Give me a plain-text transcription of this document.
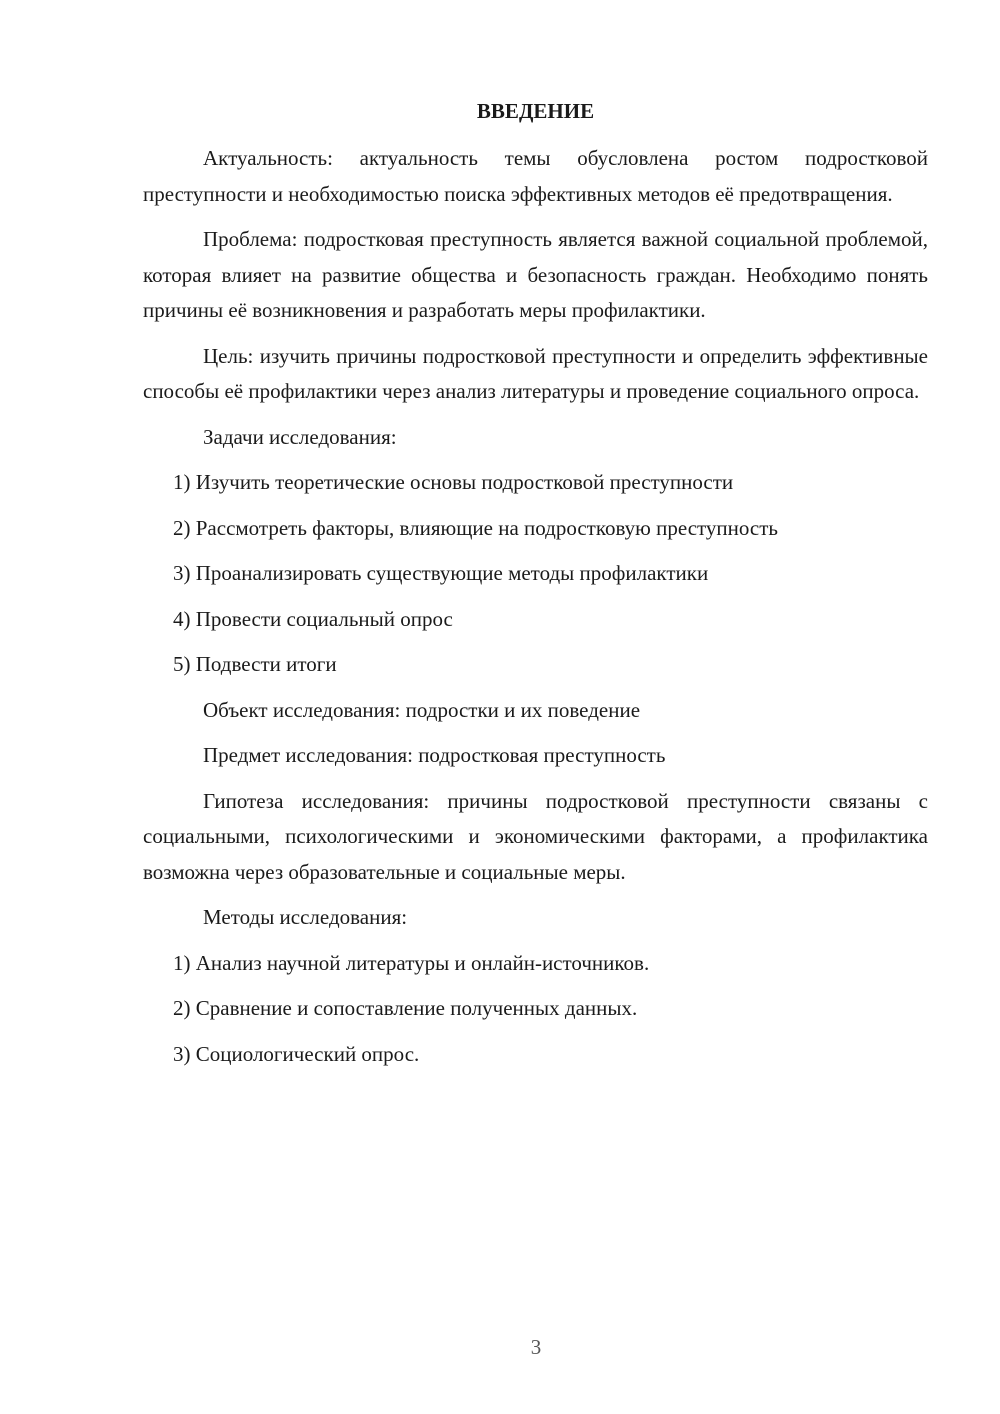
ВВЕДЕНИЕ

Актуальность: актуальность темы обусловлена ростом подростковой преступности и необходимостью поиска эффективных методов её предотвращения.

Проблема: подростковая преступность является важной социальной проблемой, которая влияет на развитие общества и безопасность граждан. Необходимо понять причины её возникновения и разработать меры профилактики.

Цель: изучить причины подростковой преступности и определить эффективные способы её профилактики через анализ литературы и проведение социального опроса.

Задачи исследования:

1) Изучить теоретические основы подростковой преступности

2) Рассмотреть факторы, влияющие на подростковую преступность

3) Проанализировать существующие методы профилактики

4) Провести социальный опрос

5) Подвести итоги

Объект исследования: подростки и их поведение

Предмет исследования: подростковая преступность

Гипотеза исследования: причины подростковой преступности связаны с социальными, психологическими и экономическими факторами, а профилактика возможна через образовательные и социальные меры.

Методы исследования:

1) Анализ научной литературы и онлайн-источников.

2) Сравнение и сопоставление полученных данных.

3) Социологический опрос.

3
